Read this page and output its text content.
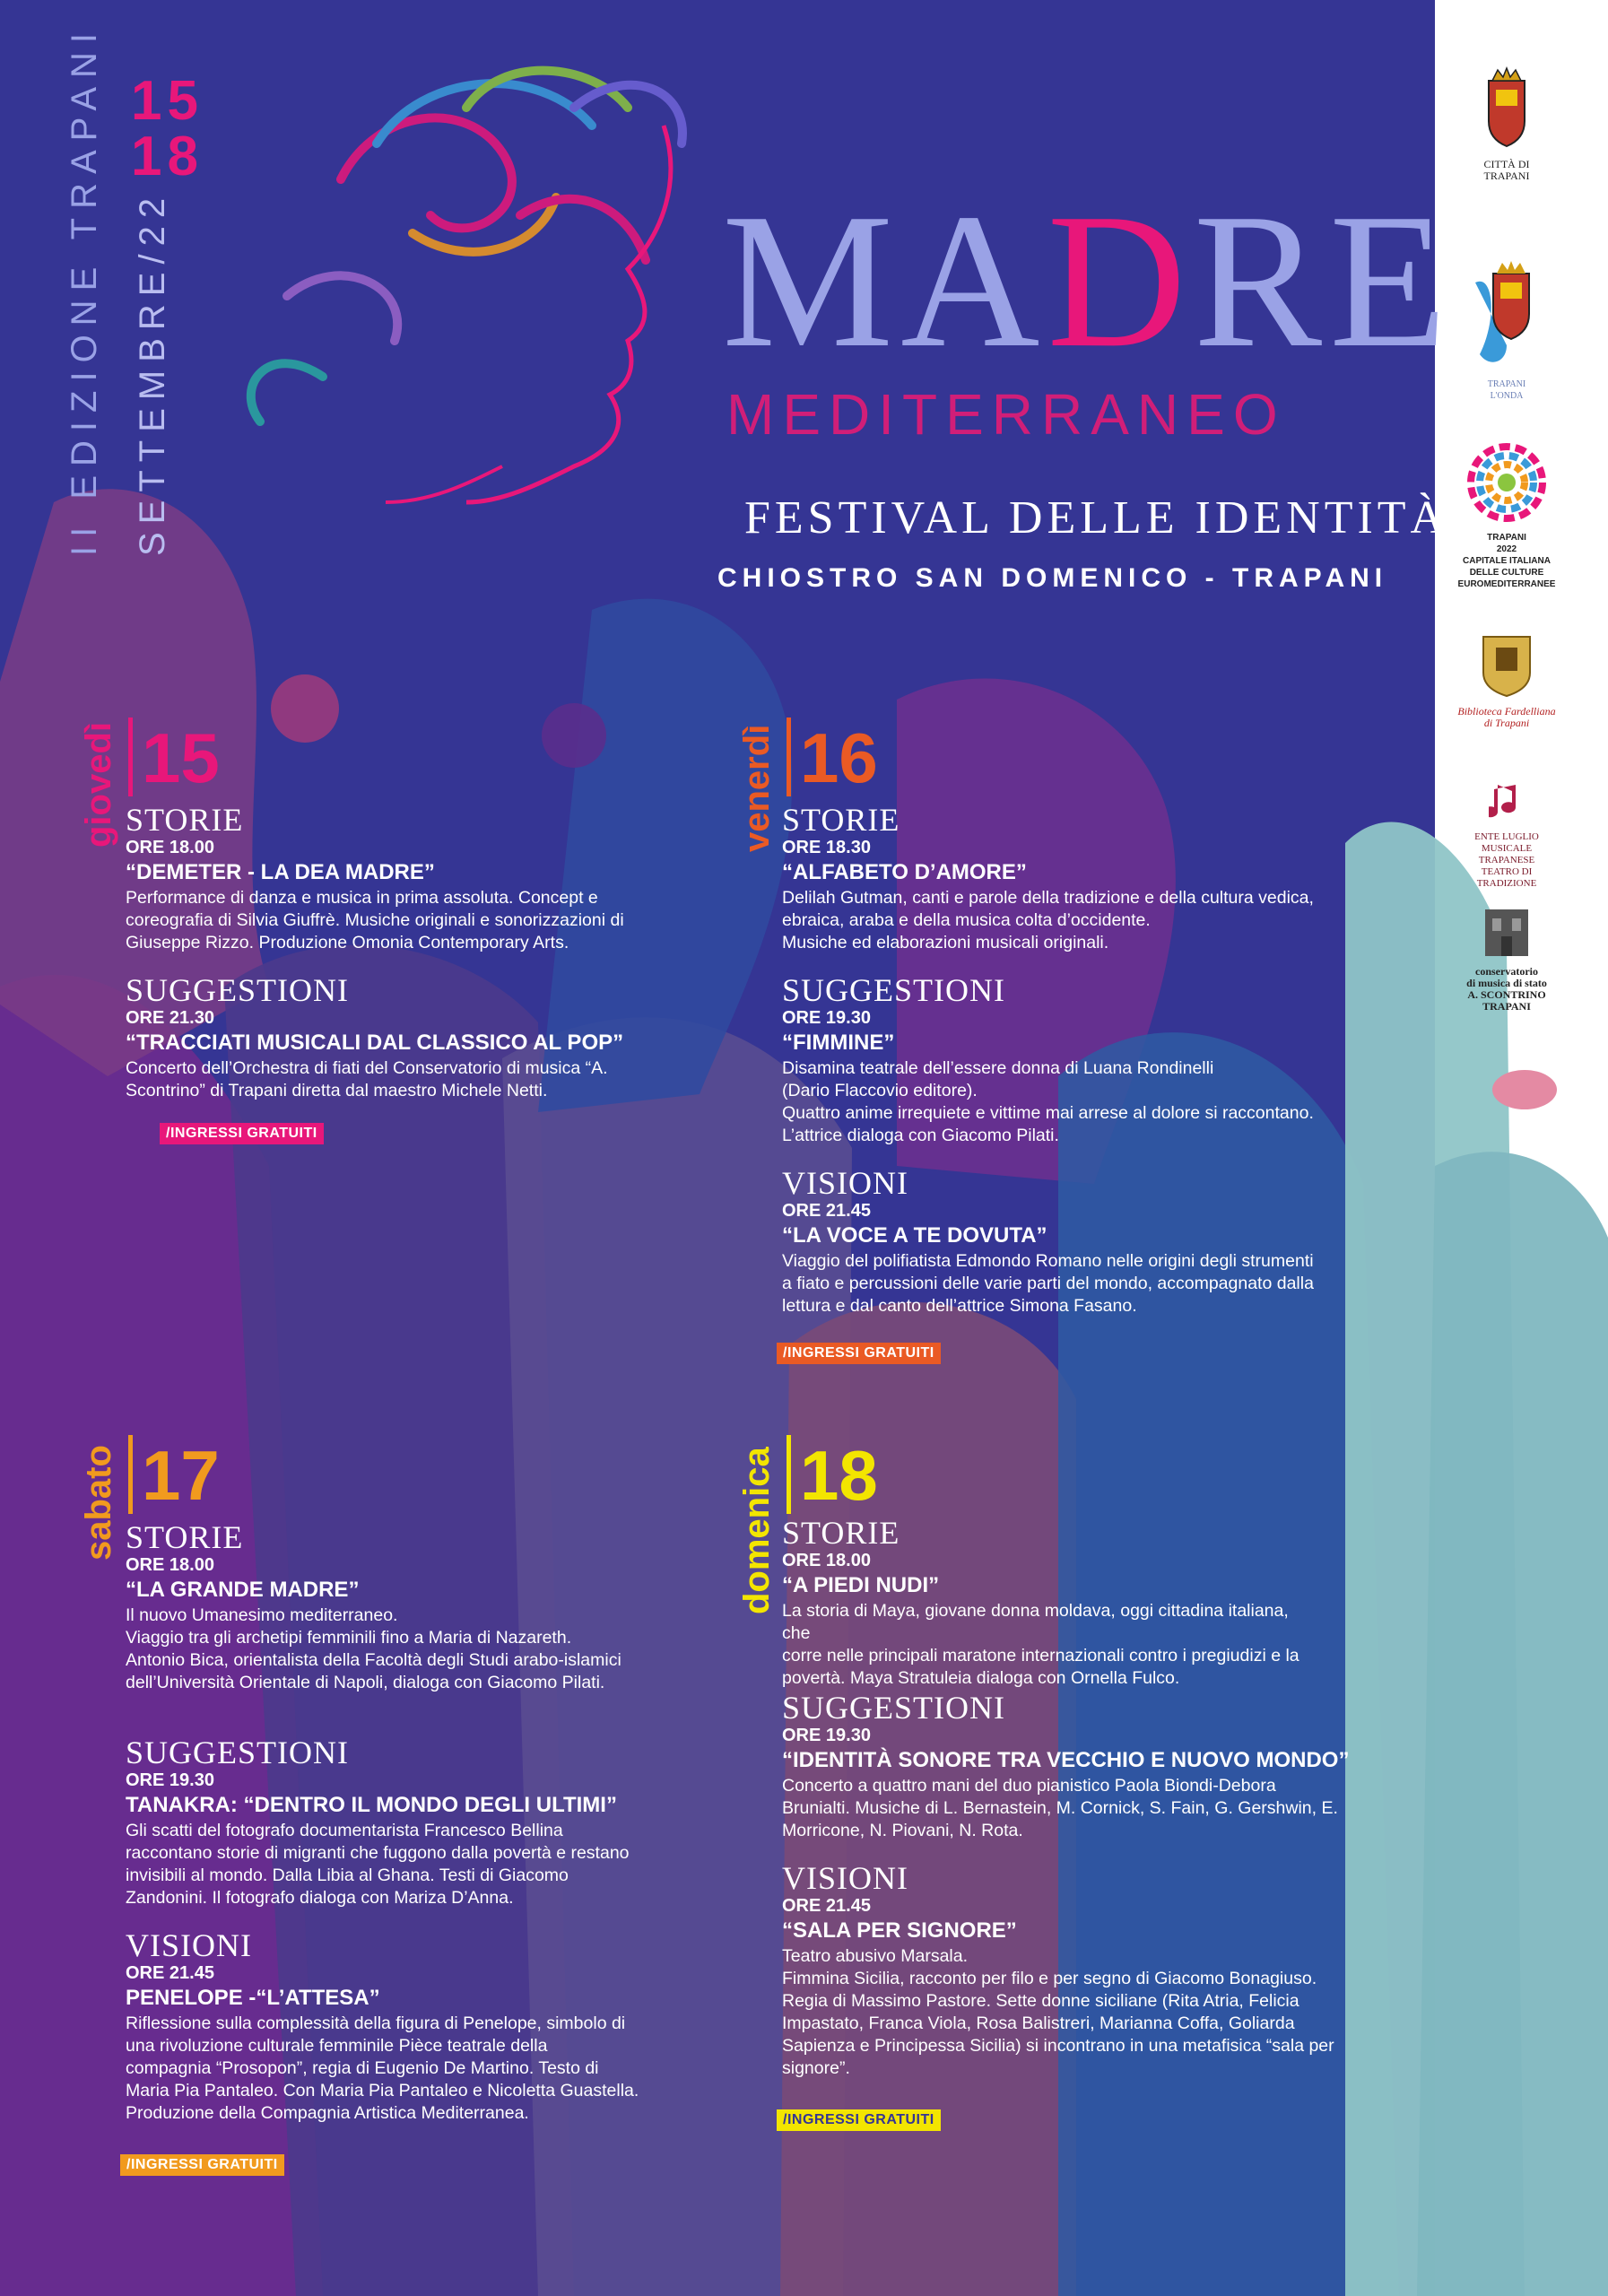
II EDIZIONE TRAPANI SETTEMBRE/22
15
18
MADRE
MEDITERRANEO
FESTIVAL DELLE IDENTITÀ
CHIOSTRO SAN DOMENICO - TRAPANI
giovedì 15
STORIE
ORE 18.00
“DEMETER - LA DEA MADRE”
Performance di danza e musica in prima assoluta. Concept e
coreografia di Silvia Giuffrè. Musiche originali e sonorizzazioni di
Giuseppe Rizzo. Produzione Omonia Contemporary Arts.
SUGGESTIONI
ORE 21.30
“TRACCIATI MUSICALI DAL CLASSICO AL POP”
Concerto dell’Orchestra di fiati del Conservatorio di musica “A.
Scontrino” di Trapani diretta dal maestro Michele Netti.
/INGRESSI GRATUITI
venerdì 16
STORIE
ORE 18.30
“ALFABETO D’AMORE”
Delilah Gutman, canti e parole della tradizione e della cultura vedica,
ebraica, araba e della musica colta d’occidente.
Musiche ed elaborazioni musicali originali.
SUGGESTIONI
ORE 19.30
“FIMMINE”
Disamina teatrale dell’essere donna di Luana Rondinelli
(Dario Flaccovio editore).
Quattro anime irrequiete e vittime mai arrese al dolore si raccontano.
L’attrice dialoga con Giacomo Pilati.
VISIONI
ORE 21.45
“LA VOCE A TE DOVUTA”
Viaggio del polifiatista Edmondo Romano nelle origini degli strumenti
a fiato e percussioni delle varie parti del mondo, accompagnato dalla
lettura e dal canto dell’attrice Simona Fasano.
/INGRESSI GRATUITI
sabato 17
STORIE
ORE 18.00
“LA GRANDE MADRE”
Il nuovo Umanesimo mediterraneo.
Viaggio tra gli archetipi femminili fino a Maria di Nazareth.
Antonio Bica, orientalista della Facoltà degli Studi arabo-islamici
dell’Università Orientale di Napoli, dialoga con Giacomo Pilati.
SUGGESTIONI
ORE 19.30
TANAKRA: “DENTRO IL MONDO DEGLI ULTIMI”
Gli scatti del fotografo documentarista Francesco Bellina
raccontano storie di migranti che fuggono dalla povertà e restano
invisibili al mondo. Dalla Libia al Ghana. Testi di Giacomo
Zandonini. Il fotografo dialoga con Mariza D’Anna.
VISIONI
ORE 21.45
PENELOPE -“L’ATTESA”
Riflessione sulla complessità della figura di Penelope, simbolo di
una rivoluzione culturale femminile Pièce teatrale della
compagnia “Prosopon”, regia di Eugenio De Martino. Testo di
Maria Pia Pantaleo. Con Maria Pia Pantaleo e Nicoletta Guastella.
Produzione della Compagnia Artistica Mediterranea.
/INGRESSI GRATUITI
domenica 18
STORIE
ORE 18.00
“A PIEDI NUDI”
La storia di Maya, giovane donna moldava, oggi cittadina italiana, che
corre nelle principali maratone internazionali contro i pregiudizi e la
povertà. Maya Stratuleia dialoga con Ornella Fulco.
SUGGESTIONI
ORE 19.30
“IDENTITÀ SONORE TRA VECCHIO E NUOVO MONDO”
Concerto a quattro mani del duo pianistico Paola Biondi-Debora
Brunialti. Musiche di L. Bernastein, M. Cornick, S. Fain, G. Gershwin, E.
Morricone, N. Piovani, N. Rota.
VISIONI
ORE 21.45
“SALA PER SIGNORE”
Teatro abusivo Marsala.
Fimmina Sicilia, racconto per filo e per segno di Giacomo Bonagiuso.
Regia di Massimo Pastore. Sette donne siciliane (Rita Atria, Felicia
Impastato, Franca Viola, Rosa Balistreri, Marianna Coffa, Goliarda
Sapienza e Principessa Sicilia) si incontrano in una metafisica “sala per
signore”.
/INGRESSI GRATUITI
CITTÀ DI
TRAPANI
TRAPANI
L'ONDA
TRAPANI
2022
CAPITALE ITALIANA
DELLE CULTURE
EUROMEDITERRANEE
Biblioteca Fardelliana
di Trapani
ENTE LUGLIO
MUSICALE
TRAPANESE
TEATRO DI TRADIZIONE
conservatorio
di musica di stato
A. SCONTRINO
TRAPANI
